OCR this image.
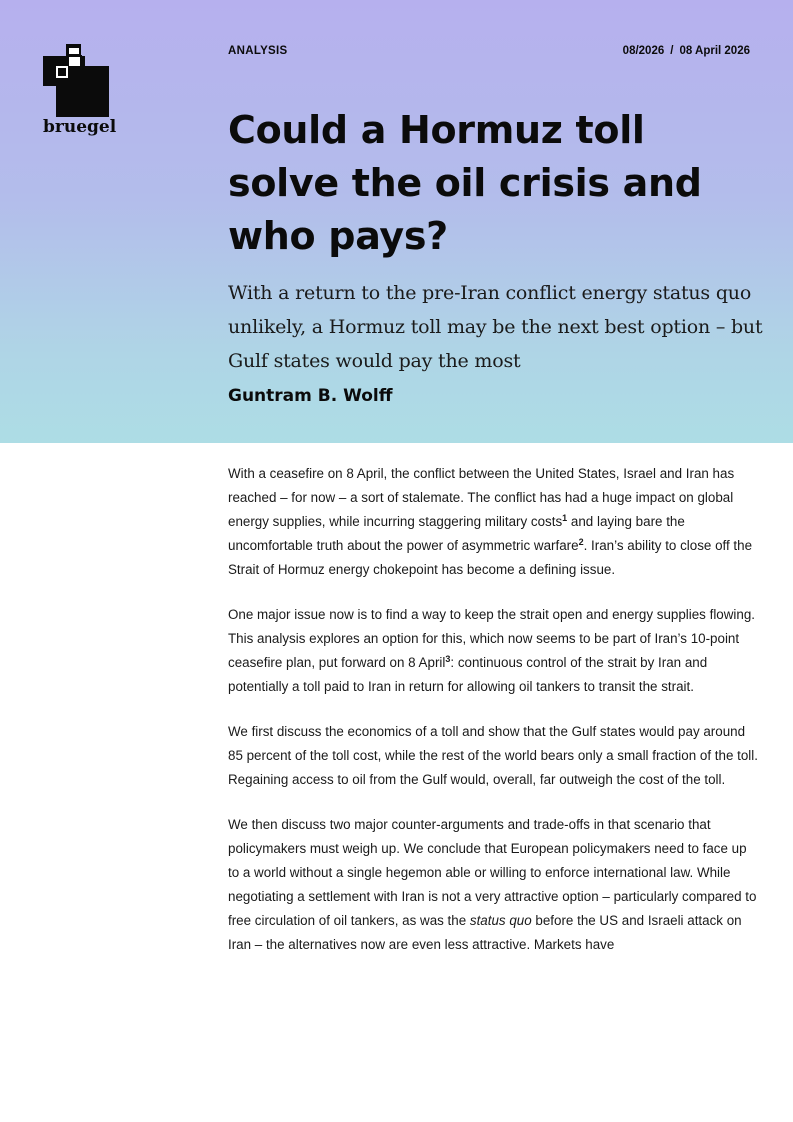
bruegel
ANALYSIS	08/2026 / 08 April 2026
Could a Hormuz toll solve the oil crisis and who pays?

With a return to the pre-Iran conflict energy status quo unlikely, a Hormuz toll may be the next best option – but Gulf states would pay the most

Guntram B. Wolff

With a ceasefire on 8 April, the conflict between the United States, Israel and Iran has reached – for now – a sort of stalemate. The conflict has had a huge impact on global energy supplies, while incurring staggering military costs$^1$ and laying bare the uncomfortable truth about the power of asymmetric warfare$^2$. Iran’s ability to close off the Strait of Hormuz energy chokepoint has become a defining issue.

One major issue now is to find a way to keep the strait open and energy supplies flowing. This analysis explores an option for this, which now seems to be part of Iran’s 10-point ceasefire plan, put forward on 8 April$^3$: continuous control of the strait by Iran and potentially a toll paid to Iran in return for allowing oil tankers to transit the strait.

We first discuss the economics of a toll and show that the Gulf states would pay around 85 percent of the toll cost, while the rest of the world bears only a small fraction of the toll. Regaining access to oil from the Gulf would, overall, far outweigh the cost of the toll.

We then discuss two major counter-arguments and trade-offs in that scenario that policymakers must weigh up. We conclude that European policymakers need to face up to a world without a single hegemon able or willing to enforce international law. While negotiating a settlement with Iran is not a very attractive option – particularly compared to free circulation of oil tankers, as was the status quo before the US and Israeli attack on Iran – the alternatives now are even less attractive. Markets have
